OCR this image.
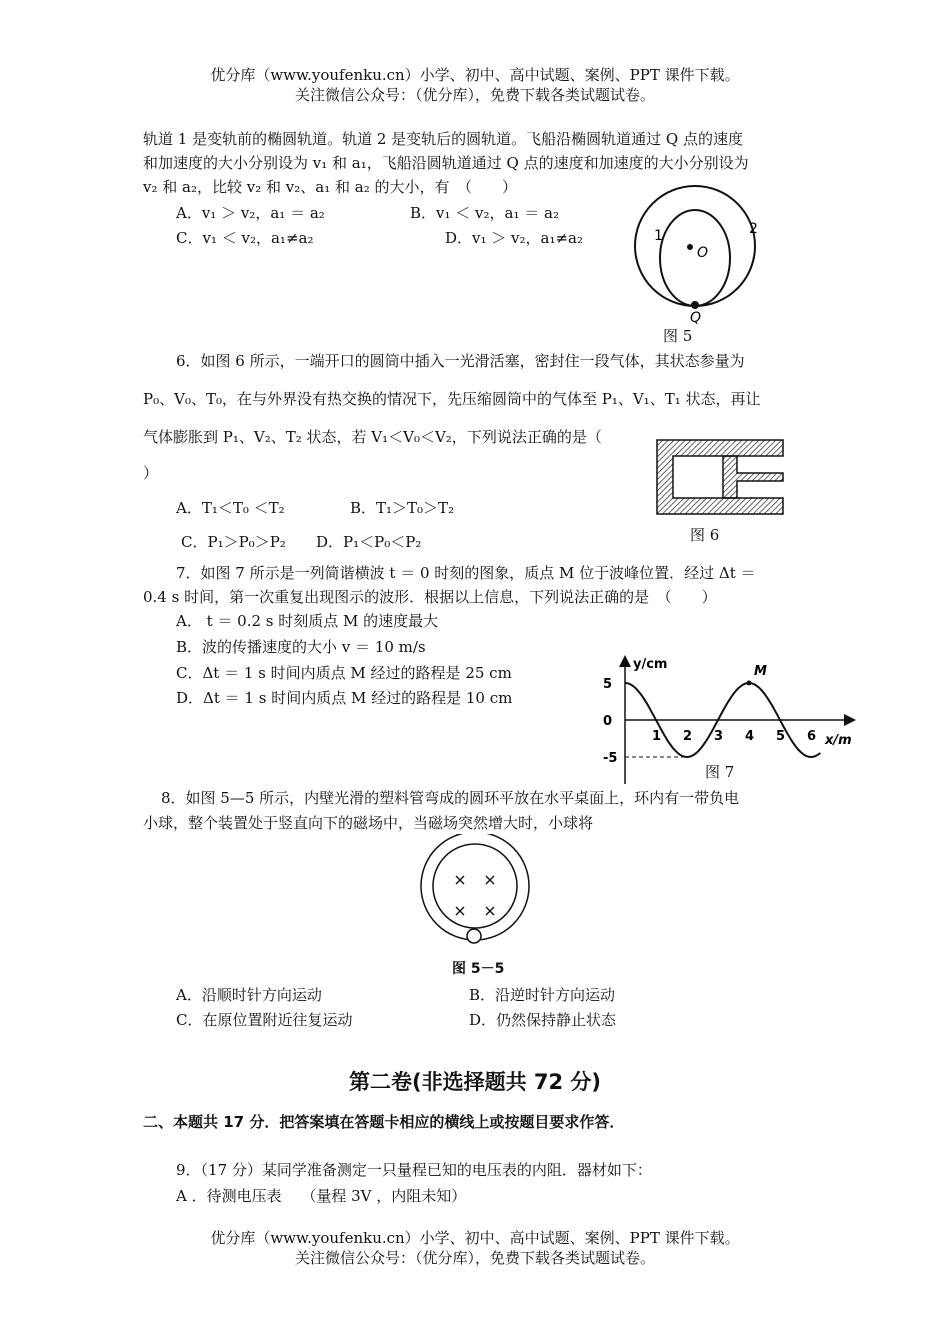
优分库（www.youfenku.cn）小学、初中、高中试题、案例、PPT 课件下载。
关注微信公众号：（优分库），免费下载各类试题试卷。
轨道 1 是变轨前的椭圆轨道。轨道 2 是变轨后的圆轨道。飞船沿椭圆轨道通过 Q 点的速度
和加速度的大小分别设为 v₁ 和 a₁，飞船沿圆轨道通过 Q 点的速度和加速度的大小分别设为
v₂ 和 a₂，比较 v₂ 和 v₂、a₁ 和 a₂ 的大小，有　（　　）
A．v₁ ＞ v₂，a₁ ＝ a₂	B．v₁ ＜ v₂，a₁ ＝ a₂
C．v₁ ＜ v₂，a₁≠a₂	D．v₁ ＞ v₂，a₁≠a₂	1	2
O
Q
图 5
6．如图 6 所示，一端开口的圆筒中插入一光滑活塞，密封住一段气体，其状态参量为
P₀、V₀、T₀，在与外界没有热交换的情况下，先压缩圆筒中的气体至 P₁、V₁、T₁ 状态，再让
气体膨胀到 P₁、V₂、T₂ 状态，若 V₁＜V₀＜V₂，下列说法正确的是（
）
A．T₁＜T₀ ＜T₂	B．T₁＞T₀＞T₂
C．P₁＞P₀＞P₂ D．P₁＜P₀＜P₂	图 6
7．如图 7 所示是一列简谐横波 t ＝ 0 时刻的图象，质点 M 位于波峰位置．经过 Δt ＝
0.4 s 时间，第一次重复出现图示的波形．根据以上信息，下列说法正确的是　（　　）
A． t ＝ 0.2 s 时刻质点 M 的速度最大
B．波的传播速度的大小 v ＝ 10 m/s
C．Δt ＝ 1 s 时间内质点 M 经过的路程是 25 cm
D．Δt ＝ 1 s 时间内质点 M 经过的路程是 10 cm
y/cm
x/m
5
0
-5
1 2 3 4 5 6
M
图 7
8．如图 5—5 所示，内壁光滑的塑料管弯成的圆环平放在水平桌面上，环内有一带负电
小球，整个装置处于竖直向下的磁场中，当磁场突然增大时，小球将
图 5－5
A．沿顺时针方向运动	B．沿逆时针方向运动
C．在原位置附近往复运动	D．仍然保持静止状态
第二卷(非选择题共 72 分)
二、本题共 17 分．把答案填在答题卡相应的横线上或按题目要求作答．
9．（17 分）某同学准备测定一只量程已知的电压表的内阻．器材如下：
A ．待测电压表　 （量程 3V ，内阻未知）
优分库（www.youfenku.cn）小学、初中、高中试题、案例、PPT 课件下载。
关注微信公众号：（优分库），免费下载各类试题试卷。
